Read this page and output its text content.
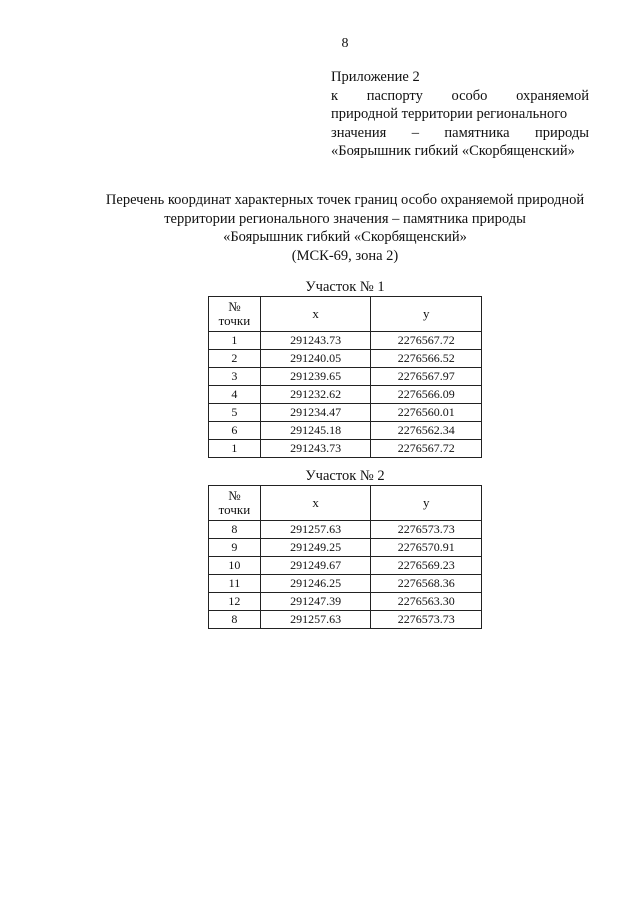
8
Приложение 2
к паспорту особо охраняемой
природной территории регионального
значения – памятника природы
«Боярышник гибкий «Скорбященский»
Перечень координат характерных точек границ особо охраняемой природной
территории регионального значения – памятника природы
«Боярышник гибкий «Скорбященский»
(МСК-69, зона 2)
Участок № 1
№
точки	x	y
1	291243.73	2276567.72
2	291240.05	2276566.52
3	291239.65	2276567.97
4	291232.62	2276566.09
5	291234.47	2276560.01
6	291245.18	2276562.34
1	291243.73	2276567.72
Участок № 2
№
точки	x	y
8	291257.63	2276573.73
9	291249.25	2276570.91
10	291249.67	2276569.23
11	291246.25	2276568.36
12	291247.39	2276563.30
8	291257.63	2276573.73
